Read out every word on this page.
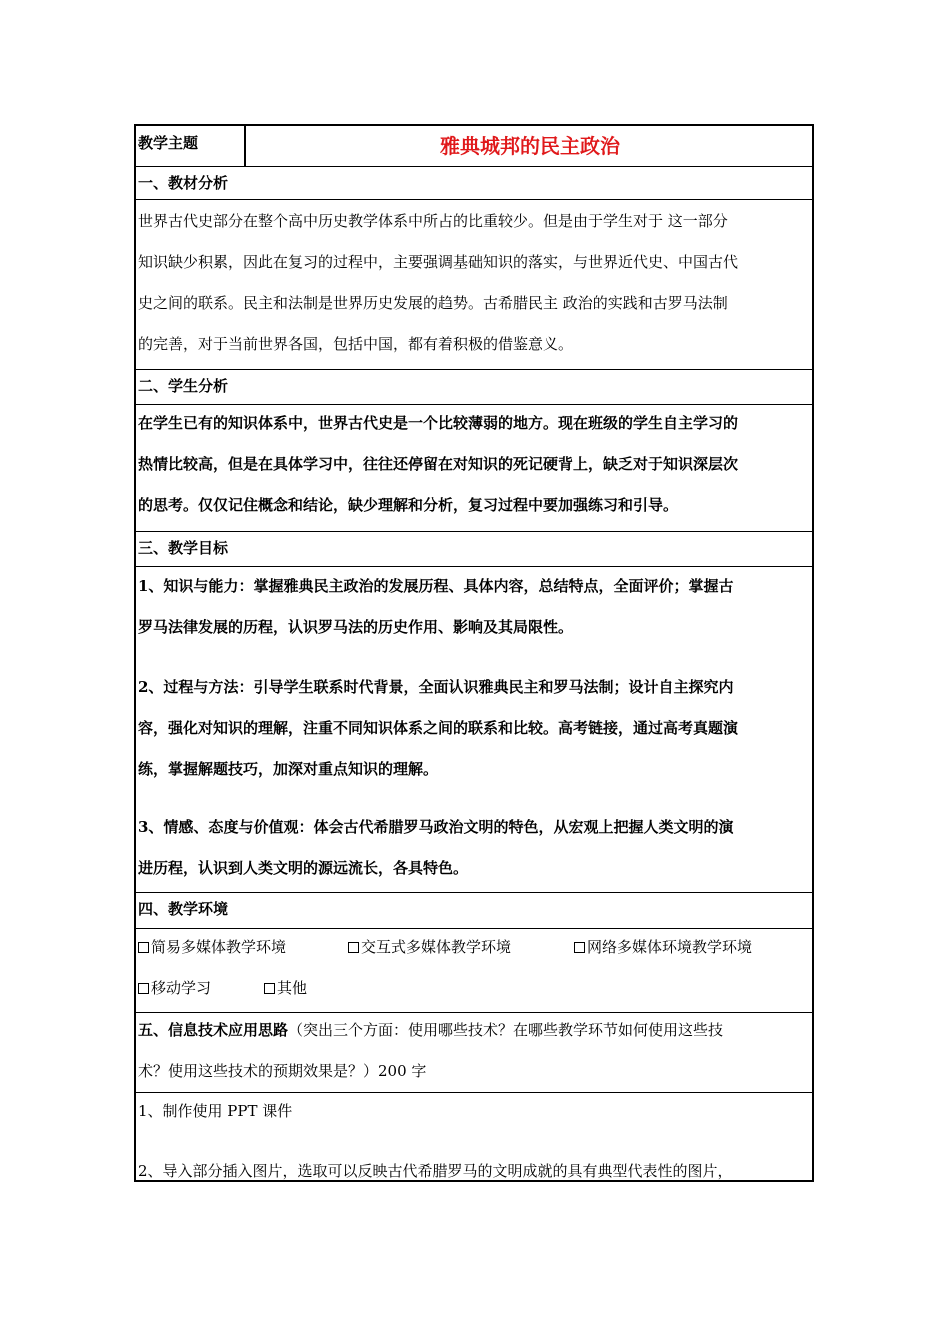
教学主题	雅典城邦的民主政治
一、教材分析
世界古代史部分在整个高中历史教学体系中所占的比重较少。但是由于学生对于 这一部分
知识缺少积累，因此在复习的过程中，主要强调基础知识的落实，与世界近代史、中国古代
史之间的联系。民主和法制是世界历史发展的趋势。古希腊民主 政治的实践和古罗马法制
的完善，对于当前世界各国，包括中国，都有着积极的借鉴意义。
二、学生分析
在学生已有的知识体系中，世界古代史是一个比较薄弱的地方。现在班级的学生自主学习的
热情比较高，但是在具体学习中，往往还停留在对知识的死记硬背上，缺乏对于知识深层次
的思考。仅仅记住概念和结论，缺少理解和分析，复习过程中要加强练习和引导。
三、教学目标
1、知识与能力：掌握雅典民主政治的发展历程、具体内容，总结特点，全面评价；掌握古
罗马法律发展的历程，认识罗马法的历史作用、影响及其局限性。
2、过程与方法：引导学生联系时代背景，全面认识雅典民主和罗马法制；设计自主探究内
容，强化对知识的理解，注重不同知识体系之间的联系和比较。高考链接，通过高考真题演
练，掌握解题技巧，加深对重点知识的理解。
3、情感、态度与价值观：体会古代希腊罗马政治文明的特色，从宏观上把握人类文明的演
进历程，认识到人类文明的源远流长，各具特色。
四、教学环境
简易多媒体教学环境	交互式多媒体教学环境	网络多媒体环境教学环境
移动学习	其他
五、信息技术应用思路（突出三个方面：使用哪些技术？在哪些教学环节如何使用这些技
术？使用这些技术的预期效果是？）200 字
1、制作使用 PPT 课件
2、导入部分插入图片，选取可以反映古代希腊罗马的文明成就的具有典型代表性的图片，
